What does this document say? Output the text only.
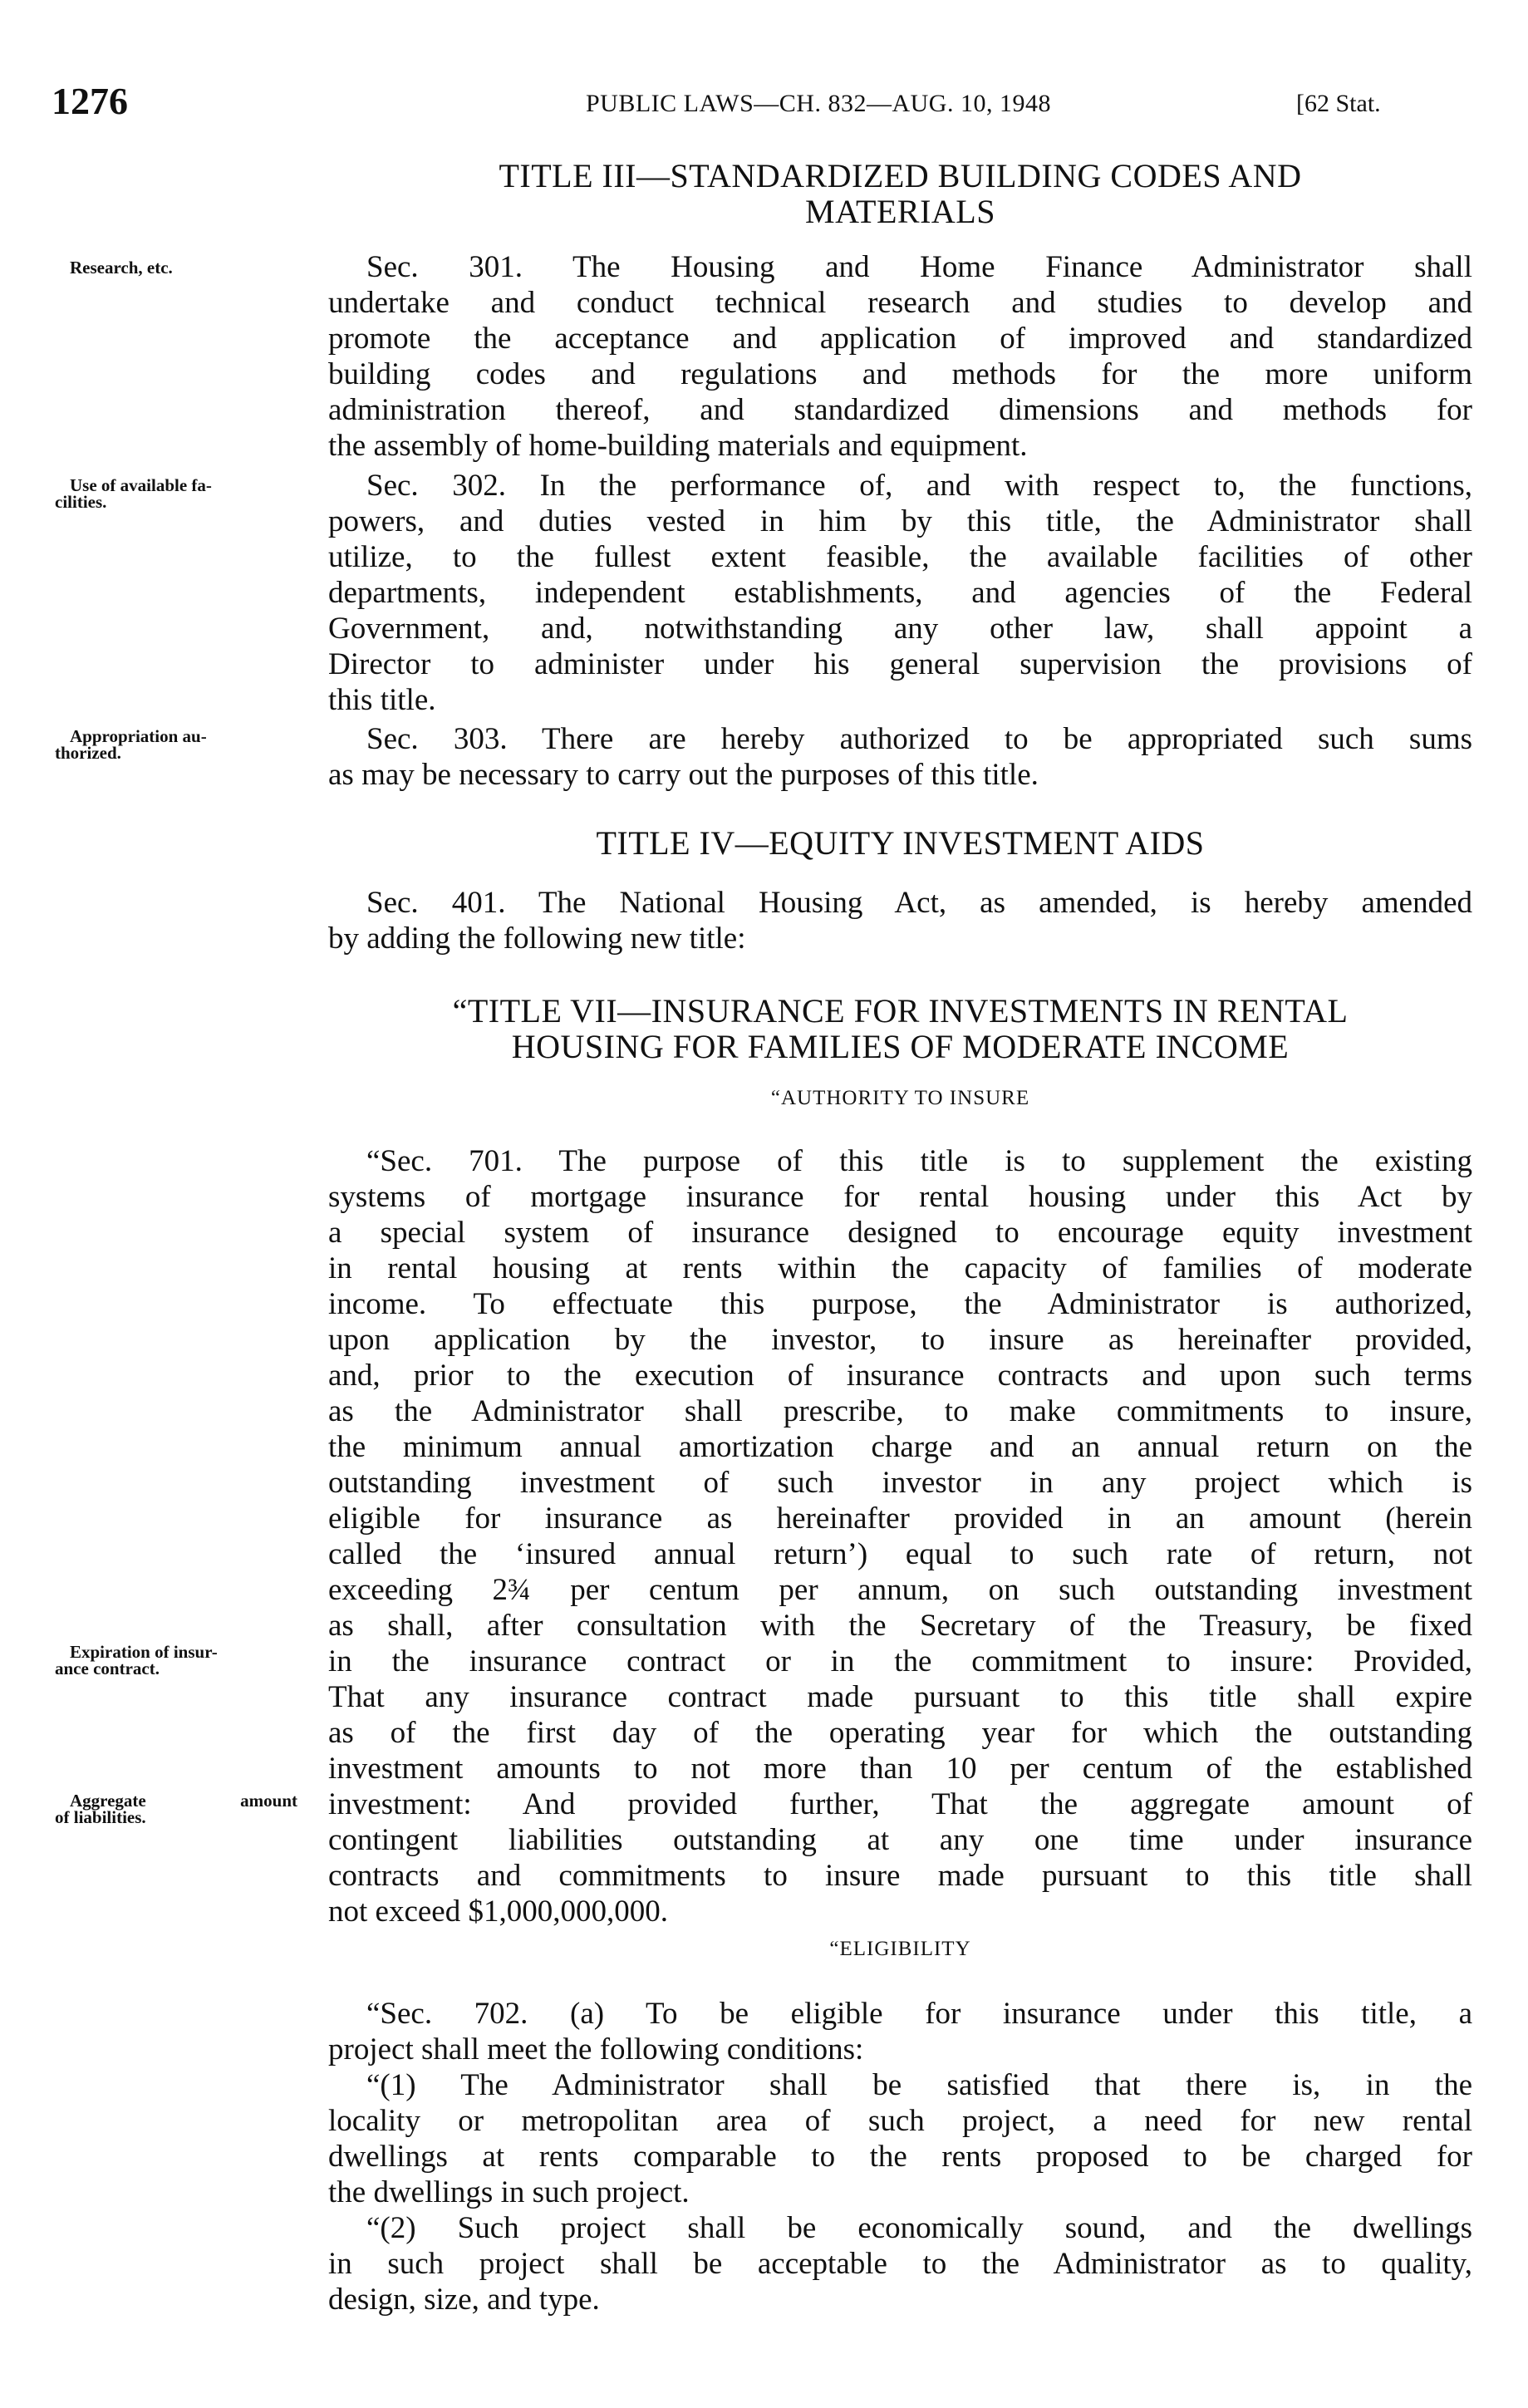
1276	PUBLIC LAWS—CH. 832—AUG. 10, 1948	[62 Stat.
TITLE III—STANDARDIZED BUILDING CODES AND
MATERIALS
Sec. 301. The Housing and Home Finance Administrator shall
undertake and conduct technical research and studies to develop and
promote the acceptance and application of improved and standardized
building codes and regulations and methods for the more uniform
administration thereof, and standardized dimensions and methods for
the assembly of home-building materials and equipment.
Sec. 302. In the performance of, and with respect to, the functions,
powers, and duties vested in him by this title, the Administrator shall
utilize, to the fullest extent feasible, the available facilities of other
departments, independent establishments, and agencies of the Federal
Government, and, notwithstanding any other law, shall appoint a
Director to administer under his general supervision the provisions of
this title.
Sec. 303. There are hereby authorized to be appropriated such sums
as may be necessary to carry out the purposes of this title.
TITLE IV—EQUITY INVESTMENT AIDS
Sec. 401. The National Housing Act, as amended, is hereby amended
by adding the following new title:
“TITLE VII—INSURANCE FOR INVESTMENTS IN RENTAL
HOUSING FOR FAMILIES OF MODERATE INCOME
“AUTHORITY TO INSURE
“Sec. 701. The purpose of this title is to supplement the existing
systems of mortgage insurance for rental housing under this Act by
a special system of insurance designed to encourage equity investment
in rental housing at rents within the capacity of families of moderate
income. To effectuate this purpose, the Administrator is authorized,
upon application by the investor, to insure as hereinafter provided,
and, prior to the execution of insurance contracts and upon such terms
as the Administrator shall prescribe, to make commitments to insure,
the minimum annual amortization charge and an annual return on the
outstanding investment of such investor in any project which is
eligible for insurance as hereinafter provided in an amount (herein
called the ‘insured annual return’) equal to such rate of return, not
exceeding 2¾ per centum per annum, on such outstanding investment
as shall, after consultation with the Secretary of the Treasury, be fixed
in the insurance contract or in the commitment to insure: Provided,
That any insurance contract made pursuant to this title shall expire
as of the first day of the operating year for which the outstanding
investment amounts to not more than 10 per centum of the established
investment: And provided further, That the aggregate amount of
contingent liabilities outstanding at any one time under insurance
contracts and commitments to insure made pursuant to this title shall
not exceed $1,000,000,000.
“ELIGIBILITY
“Sec. 702. (a) To be eligible for insurance under this title, a
project shall meet the following conditions:
“(1) The Administrator shall be satisfied that there is, in the
locality or metropolitan area of such project, a need for new rental
dwellings at rents comparable to the rents proposed to be charged for
the dwellings in such project.
“(2) Such project shall be economically sound, and the dwellings
in such project shall be acceptable to the Administrator as to quality,
design, size, and type.
Research, etc.
Use of available fa-
cilities.
Appropriation au-
thorized.
Expiration of insur-
ance contract.
Aggregate amount
of liabilities.
